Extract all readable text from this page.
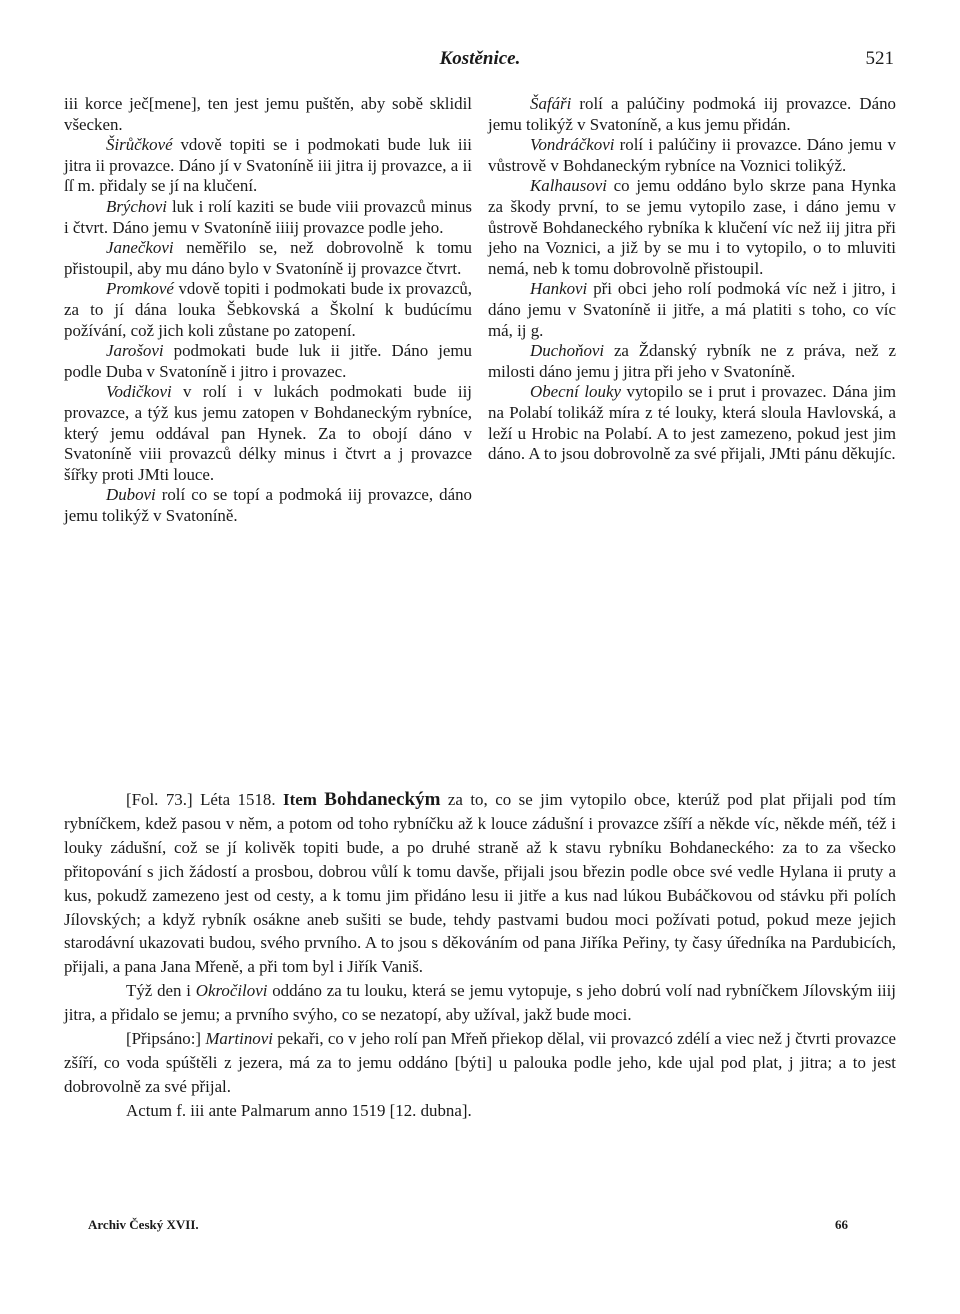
Kostěnice.	521

iii korce ječ[mene], ten jest jemu puštěn, aby sobě sklidil všecken.

Širůčkové vdově topiti se i podmokati bude luk iii jitra ii provazce. Dáno jí v Svatoníně iii jitra ij provazce, a ii ſſ m. přidaly se jí na klučení.

Brýchovi luk i rolí kaziti se bude viii provazců minus i čtvrt. Dáno jemu v Svatoníně iiiij provazce podle jeho.

Janečkovi neměřilo se, než dobrovolně k tomu přistoupil, aby mu dáno bylo v Svatoníně ij provazce čtvrt.

Promkové vdově topiti i podmokati bude ix provazců, za to jí dána louka Šebkovská a Školní k budúcímu požívání, což jich koli zůstane po zatopení.

Jarošovi podmokati bude luk ii jitře. Dáno jemu podle Duba v Svatoníně i jitro i provazec.

Vodičkovi v rolí i v lukách podmokati bude iij provazce, a týž kus jemu zatopen v Bohdaneckým rybníce, který jemu oddával pan Hynek. Za to obojí dáno v Svatoníně viii provazců délky minus i čtvrt a j provazce šířky proti JMti louce.

Dubovi rolí co se topí a podmoká iij provazce, dáno jemu tolikýž v Svatoníně.

Šafáři rolí a palúčiny podmoká iij provazce. Dáno jemu tolikýž v Svatoníně, a kus jemu přidán.

Vondráčkovi rolí i palúčiny ii provazce. Dáno jemu v vůstrově v Bohdaneckým rybníce na Voznici tolikýž.

Kalhausovi co jemu oddáno bylo skrze pana Hynka za škody první, to se jemu vytopilo zase, i dáno jemu v ůstrově Bohdaneckého rybníka k klučení víc než iij jitra při jeho na Voznici, a již by se mu i to vytopilo, o to mluviti nemá, neb k tomu dobrovolně přistoupil.

Hankovi při obci jeho rolí podmoká víc než i jitro, i dáno jemu v Svatoníně ii jitře, a má platiti s toho, co víc má, ij g.

Duchoňovi za Ždanský rybník ne z práva, než z milosti dáno jemu j jitra při jeho v Svatoníně.

Obecní louky vytopilo se i prut i provazec. Dána jim na Polabí tolikáž míra z té louky, která sloula Havlovská, a leží u Hrobic na Polabí. A to jest zamezeno, pokud jest jim dáno. A to jsou dobrovolně za své přijali, JMti pánu děkujíc.

[Fol. 73.] Léta 1518. Item Bohdaneckým za to, co se jim vytopilo obce, kterúž pod plat přijali pod tím rybníčkem, kdež pasou v něm, a potom od toho rybníčku až k louce zádušní i provazce zšíří a někde víc, někde méň, též i louky zádušní, což se jí kolivěk topiti bude, a po druhé straně až k stavu rybníku Bohdaneckého: za to za všecko přitopování s jich žádostí a prosbou, dobrou vůlí k tomu davše, přijali jsou březin podle obce své vedle Hylana ii pruty a kus, pokudž zamezeno jest od cesty, a k tomu jim přidáno lesu ii jitře a kus nad lúkou Bubáčkovou od stávku při polích Jílovských; a když rybník osákne aneb sušiti se bude, tehdy pastvami budou moci požívati potud, pokud meze jejich starodávní ukazovati budou, svého prvního. A to jsou s děkováním od pana Jiříka Peřiny, ty časy úředníka na Pardubicích, přijali, a pana Jana Mřeně, a při tom byl i Jiřík Vaniš.

Týž den i Okročilovi oddáno za tu louku, která se jemu vytopuje, s jeho dobrú volí nad rybníčkem Jílovským iiij jitra, a přidalo se jemu; a prvního svýho, co se nezatopí, aby užíval, jakž bude moci.

[Připsáno:] Martinovi pekaři, co v jeho rolí pan Mřeň přiekop dělal, vii provazcó zdélí a viec než j čtvrti provazce zšíří, co voda spúštěli z jezera, má za to jemu oddáno [býti] u palouka podle jeho, kde ujal pod plat, j jitra; a to jest dobrovolně za své přijal.

Actum f. iii ante Palmarum anno 1519 [12. dubna].

Archiv Český XVII.	66
